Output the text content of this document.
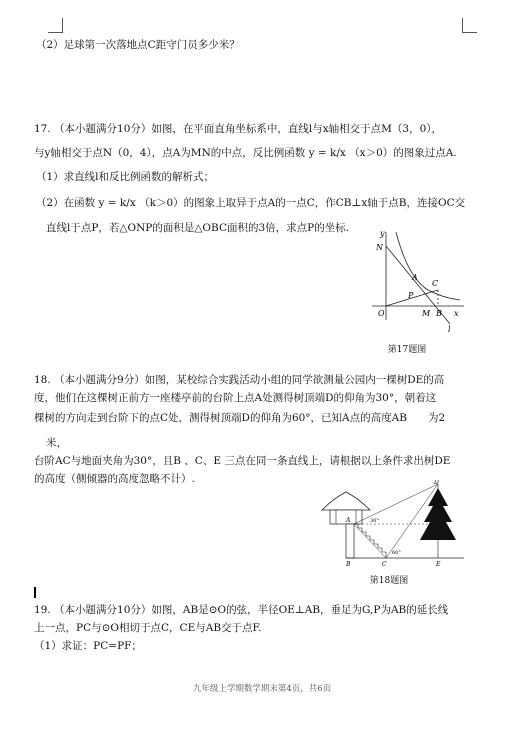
（2）足球第一次落地点C距守门员多少米？
17. （本小题满分10分）如图，在平面直角坐标系中，直线l与x轴相交于点M（3，0），
与y轴相交于点N（0，4），点A为MN的中点，反比例函数 y = k/x （x＞0）的图象过点A.
（1）求直线l和反比例函数的解析式；
（2）在函数 y = k/x （k＞0）的图象上取异于点A的一点C，作CB⊥x轴于点B，连接OC交
直线l于点P，若△ONP的面积是△OBC面积的3倍，求点P的坐标.	y
N
A
C
P
O	M B x
l
第17题图
18. （本小题满分9分）如图，某校综合实践活动小组的同学欲测量公园内一棵树DE的高
度，他们在这棵树正前方一座楼亭前的台阶上点A处测得树顶端D的仰角为30°，朝着这
棵树的方向走到台阶下的点C处，测得树顶端D的仰角为60°，已知A点的高度AB　　为2
米，
台阶AC与地面夹角为30°，且B 、C、E 三点在同一条直线上，请根据以上条件求出树DE
的高度（侧倾器的高度忽略不计）.	D
A	30°
60°
B	C	E
第18题图
19. （本小题满分10分）如图，AB是⊙O的弦，半径OE⊥AB，垂足为G,P为AB的延长线
上一点，PC与⊙O相切于点C，CE与AB交于点F.
（1）求证：PC=PF；
九年级上学期数学期末第4页，共6页
